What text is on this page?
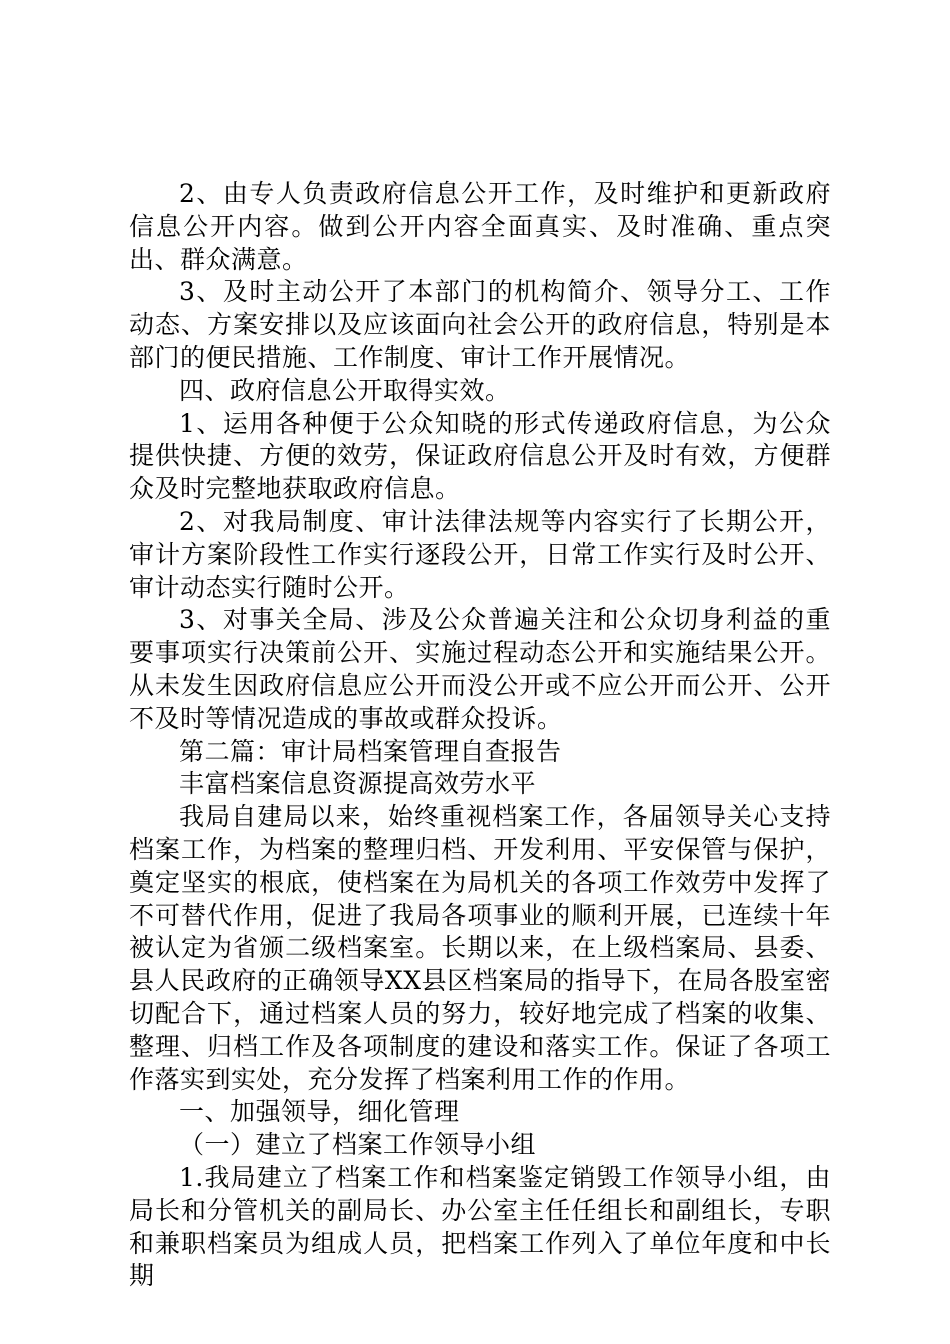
2、由专人负责政府信息公开工作，及时维护和更新政府信息公开内容。做到公开内容全面真实、及时准确、重点突出、群众满意。

3、及时主动公开了本部门的机构简介、领导分工、工作动态、方案安排以及应该面向社会公开的政府信息，特别是本部门的便民措施、工作制度、审计工作开展情况。

四、政府信息公开取得实效。

1、运用各种便于公众知晓的形式传递政府信息，为公众提供快捷、方便的效劳，保证政府信息公开及时有效，方便群众及时完整地获取政府信息。

2、对我局制度、审计法律法规等内容实行了长期公开，审计方案阶段性工作实行逐段公开，日常工作实行及时公开、审计动态实行随时公开。

3、对事关全局、涉及公众普遍关注和公众切身利益的重要事项实行决策前公开、实施过程动态公开和实施结果公开。从未发生因政府信息应公开而没公开或不应公开而公开、公开不及时等情况造成的事故或群众投诉。

第二篇：审计局档案管理自查报告

丰富档案信息资源提高效劳水平

我局自建局以来，始终重视档案工作，各届领导关心支持档案工作，为档案的整理归档、开发利用、平安保管与保护，奠定坚实的根底，使档案在为局机关的各项工作效劳中发挥了不可替代作用，促进了我局各项事业的顺利开展，已连续十年被认定为省颁二级档案室。长期以来，在上级档案局、县委、县人民政府的正确领导XX县区档案局的指导下，在局各股室密切配合下，通过档案人员的努力，较好地完成了档案的收集、整理、归档工作及各项制度的建设和落实工作。保证了各项工作落实到实处，充分发挥了档案利用工作的作用。

一、加强领导，细化管理

（一）建立了档案工作领导小组

1.我局建立了档案工作和档案鉴定销毁工作领导小组，由局长和分管机关的副局长、办公室主任任组长和副组长，专职和兼职档案员为组成人员，把档案工作列入了单位年度和中长期
